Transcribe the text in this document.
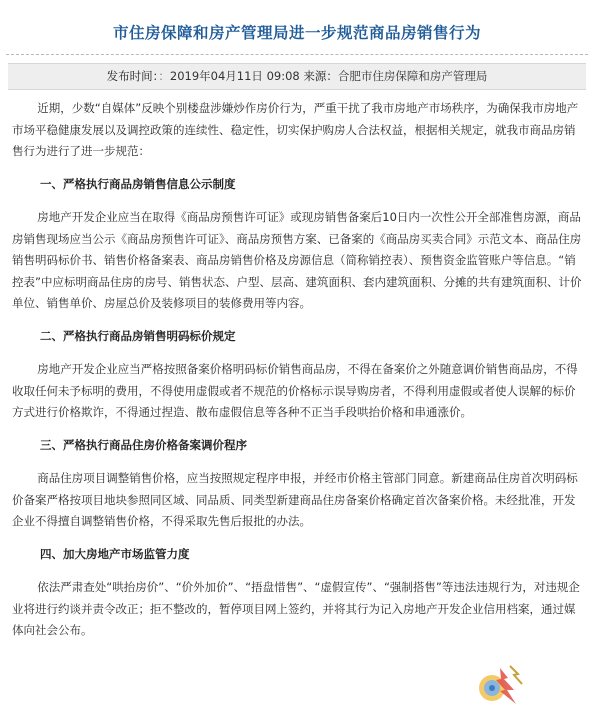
市住房保障和房产管理局进一步规范商品房销售行为
发布时间：：2019年04月11日 09:08 来源：合肥市住房保障和房产管理局

近期，少数“自媒体”反映个别楼盘涉嫌炒作房价行为，严重干扰了我市房地产市场秩序，为确保我市房地产市场平稳健康发展以及调控政策的连续性、稳定性，切实保护购房人合法权益，根据相关规定，就我市商品房销售行为进行了进一步规范：

一、严格执行商品房销售信息公示制度

房地产开发企业应当在取得《商品房预售许可证》或现房销售备案后10日内一次性公开全部准售房源，商品房销售现场应当公示《商品房预售许可证》、商品房预售方案、已备案的《商品房买卖合同》示范文本、商品住房销售明码标价书、销售价格备案表、商品房销售价格及房源信息（简称销控表）、预售资金监管账户等信息。“销控表”中应标明商品住房的房号、销售状态、户型、层高、建筑面积、套内建筑面积、分摊的共有建筑面积、计价单位、销售单价、房屋总价及装修项目的装修费用等内容。

二、严格执行商品房销售明码标价规定

房地产开发企业应当严格按照备案价格明码标价销售商品房，不得在备案价之外随意调价销售商品房，不得收取任何未予标明的费用，不得使用虚假或者不规范的价格标示误导购房者，不得利用虚假或者使人误解的标价方式进行价格欺诈，不得通过捏造、散布虚假信息等各种不正当手段哄抬价格和串通涨价。

三、严格执行商品住房价格备案调价程序

商品住房项目调整销售价格，应当按照规定程序申报，并经市价格主管部门同意。新建商品住房首次明码标价备案严格按项目地块参照同区域、同品质、同类型新建商品住房备案价格确定首次备案价格。未经批准，开发企业不得擅自调整销售价格，不得采取先售后报批的办法。

四、加大房地产市场监管力度

依法严肃查处“哄抬房价”、“价外加价”、“捂盘惜售”、“虚假宣传”、“强制搭售”等违法违规行为，对违规企业将进行约谈并责令改正；拒不整改的，暂停项目网上签约，并将其行为记入房地产开发企业信用档案，通过媒体向社会公布。
